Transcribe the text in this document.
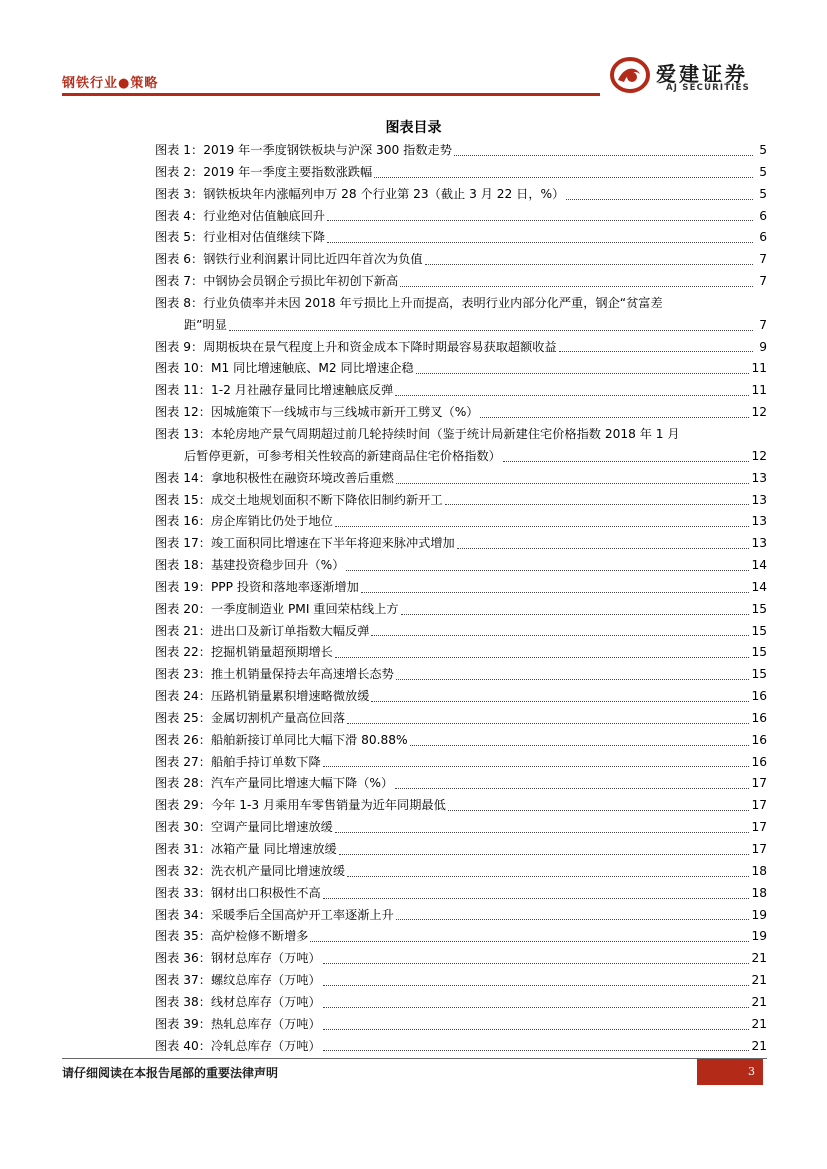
钢铁行业●策略	爱建证券
AJ SECURITIES
图表目录
图表 1： 2019 年一季度钢铁板块与沪深 300 指数走势	5
图表 2： 2019 年一季度主要指数涨跌幅	5
图表 3： 钢铁板块年内涨幅列申万 28 个行业第 23（截止 3 月 22 日，%）	5
图表 4： 行业绝对估值触底回升	6
图表 5： 行业相对估值继续下降	6
图表 6： 钢铁行业利润累计同比近四年首次为负值	7
图表 7： 中钢协会员钢企亏损比年初创下新高	7
图表 8：行业负债率并未因 2018 年亏损比上升而提高，表明行业内部分化严重，钢企“贫富差
距”明显	7
图表 9： 周期板块在景气程度上升和资金成本下降时期最容易获取超额收益	9
图表 10： M1 同比增速触底、M2 同比增速企稳	11
图表 11： 1-2 月社融存量同比增速触底反弹	11
图表 12： 因城施策下一线城市与三线城市新开工劈叉（%）	12
图表 13：本轮房地产景气周期超过前几轮持续时间（鉴于统计局新建住宅价格指数 2018 年 1 月
后暂停更新，可参考相关性较高的新建商品住宅价格指数）	12
图表 14： 拿地积极性在融资环境改善后重燃	13
图表 15： 成交土地规划面积不断下降依旧制约新开工	13
图表 16： 房企库销比仍处于地位	13
图表 17： 竣工面积同比增速在下半年将迎来脉冲式增加	13
图表 18： 基建投资稳步回升（%）	14
图表 19： PPP 投资和落地率逐渐增加	14
图表 20： 一季度制造业 PMI 重回荣枯线上方	15
图表 21： 进出口及新订单指数大幅反弹	15
图表 22： 挖掘机销量超预期增长	15
图表 23： 推土机销量保持去年高速增长态势	15
图表 24： 压路机销量累积增速略微放缓	16
图表 25： 金属切割机产量高位回落	16
图表 26： 船舶新接订单同比大幅下滑 80.88%	16
图表 27： 船舶手持订单数下降	16
图表 28： 汽车产量同比增速大幅下降（%）	17
图表 29： 今年 1-3 月乘用车零售销量为近年同期最低	17
图表 30： 空调产量同比增速放缓	17
图表 31： 冰箱产量 同比增速放缓	17
图表 32： 洗衣机产量同比增速放缓	18
图表 33： 钢材出口积极性不高	18
图表 34： 采暖季后全国高炉开工率逐渐上升	19
图表 35： 高炉检修不断增多	19
图表 36： 钢材总库存（万吨）	21
图表 37： 螺纹总库存（万吨）	21
图表 38： 线材总库存（万吨）	21
图表 39： 热轧总库存（万吨）	21
图表 40： 冷轧总库存（万吨）	21
请仔细阅读在本报告尾部的重要法律声明	3
